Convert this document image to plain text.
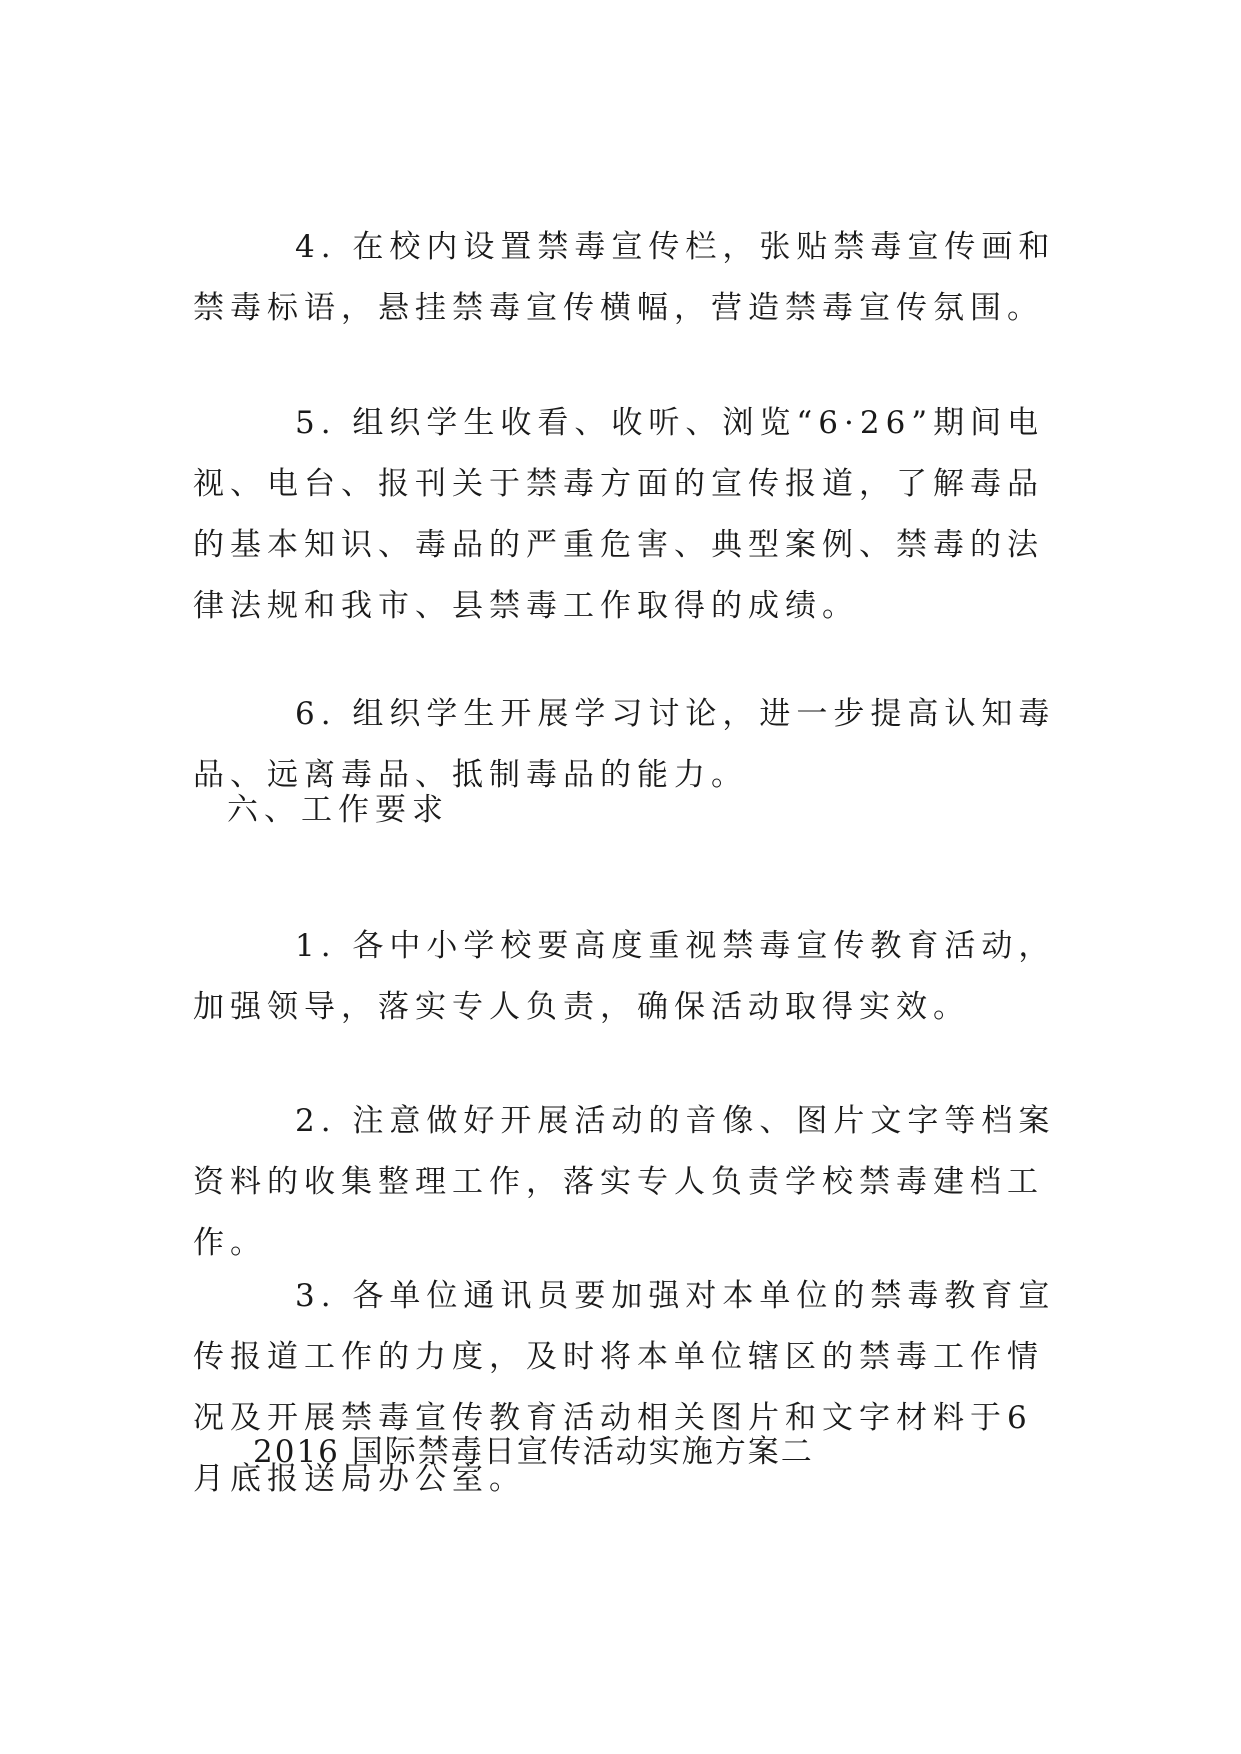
4. 在校内设置禁毒宣传栏，张贴禁毒宣传画和禁毒标语，悬挂禁毒宣传横幅，营造禁毒宣传氛围。

5. 组织学生收看、收听、浏览“6·26”期间电视、电台、报刊关于禁毒方面的宣传报道，了解毒品的基本知识、毒品的严重危害、典型案例、禁毒的法律法规和我市、县禁毒工作取得的成绩。

6. 组织学生开展学习讨论，进一步提高认知毒品、远离毒品、抵制毒品的能力。

六、工作要求

1. 各中小学校要高度重视禁毒宣传教育活动，加强领导，落实专人负责，确保活动取得实效。

2. 注意做好开展活动的音像、图片文字等档案资料的收集整理工作，落实专人负责学校禁毒建档工作。

3. 各单位通讯员要加强对本单位的禁毒教育宣传报道工作的力度，及时将本单位辖区的禁毒工作情况及开展禁毒宣传教育活动相关图片和文字材料于6月底报送局办公室。

2016 国际禁毒日宣传活动实施方案二
